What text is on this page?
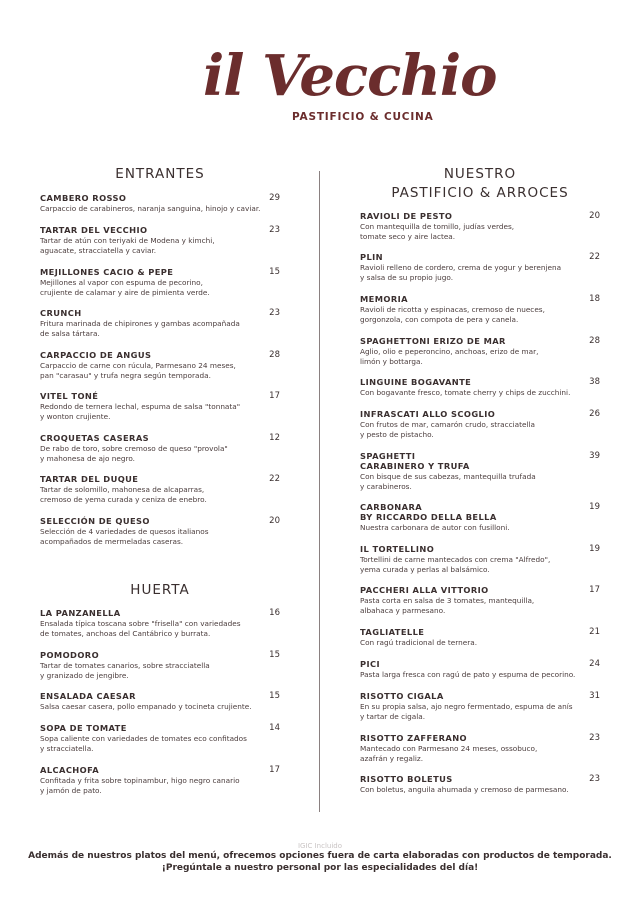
il Vecchio
PASTIFICIO & CUCINA
ENTRANTES
CAMBERO ROSSO
Carpaccio de carabineros, naranja sanguina, hinojo y caviar.
29
TARTAR DEL VECCHIO
Tartar de atún con teriyaki de Modena y kimchi,
aguacate, stracciatella y caviar.
23
MEJILLONES CACIO & PEPE
Mejillones al vapor con espuma de pecorino,
crujiente de calamar y aire de pimienta verde.
15
CRUNCH
Fritura marinada de chipirones y gambas acompañada
de salsa tártara.
23
CARPACCIO DE ANGUS
Carpaccio de carne con rúcula, Parmesano 24 meses,
pan "carasau" y trufa negra según temporada.
28
VITEL TONÉ
Redondo de ternera lechal, espuma de salsa "tonnata"
y wonton crujiente.
17
CROQUETAS CASERAS
De rabo de toro, sobre cremoso de queso "provola"
y mahonesa de ajo negro.
12
TARTAR DEL DUQUE
Tartar de solomillo, mahonesa de alcaparras,
cremoso de yema curada y ceniza de enebro.
22
SELECCIÓN DE QUESO
Selección de 4 variedades de quesos italianos
acompañados de mermeladas caseras.
20
HUERTA
LA PANZANELLA
Ensalada típica toscana sobre "frisella" con variedades
de tomates, anchoas del Cantábrico y burrata.
16
POMODORO
Tartar de tomates canarios, sobre stracciatella
y granizado de jengibre.
15
ENSALADA CAESAR
Salsa caesar casera, pollo empanado y tocineta crujiente.
15
SOPA DE TOMATE
Sopa caliente con variedades de tomates eco confitados
y stracciatella.
14
ALCACHOFA
Confitada y frita sobre topinambur, higo negro canario
y jamón de pato.
17
NUESTRO
PASTIFICIO & ARROCES
RAVIOLI DE PESTO
Con mantequilla de tomillo, judías verdes,
tomate seco y aire lactea.
20
PLIN
Ravioli relleno de cordero, crema de yogur y berenjena
y salsa de su propio jugo.
22
MEMORIA
Ravioli de ricotta y espinacas, cremoso de nueces,
gorgonzola, con compota de pera y canela.
18
SPAGHETTONI ERIZO DE MAR
Aglio, olio e peperoncino, anchoas, erizo de mar,
limón y bottarga.
28
LINGUINE BOGAVANTE
Con bogavante fresco, tomate cherry y chips de zucchini.
38
INFRASCATI ALLO SCOGLIO
Con frutos de mar, camarón crudo, stracciatella
y pesto de pistacho.
26
SPAGHETTI
CARABINERO Y TRUFA
Con bisque de sus cabezas, mantequilla trufada
y carabineros.
39
CARBONARA
BY RICCARDO DELLA BELLA
Nuestra carbonara de autor con fusilloni.
19
IL TORTELLINO
Tortellini de carne mantecados con crema "Alfredo",
yema curada y perlas al balsámico.
19
PACCHERI ALLA VITTORIO
Pasta corta en salsa de 3 tomates, mantequilla,
albahaca y parmesano.
17
TAGLIATELLE
Con ragú tradicional de ternera.
21
PICI
Pasta larga fresca con ragú de pato y espuma de pecorino.
24
RISOTTO CIGALA
En su propia salsa, ajo negro fermentado, espuma de anís
y tartar de cigala.
31
RISOTTO ZAFFERANO
Mantecado con Parmesano 24 meses, ossobuco,
azafrán y regaliz.
23
RISOTTO BOLETUS
Con boletus, anguila ahumada y cremoso de parmesano.
23
IGIC Incluido
Además de nuestros platos del menú, ofrecemos opciones fuera de carta elaboradas con productos de temporada.
¡Pregúntale a nuestro personal por las especialidades del día!
